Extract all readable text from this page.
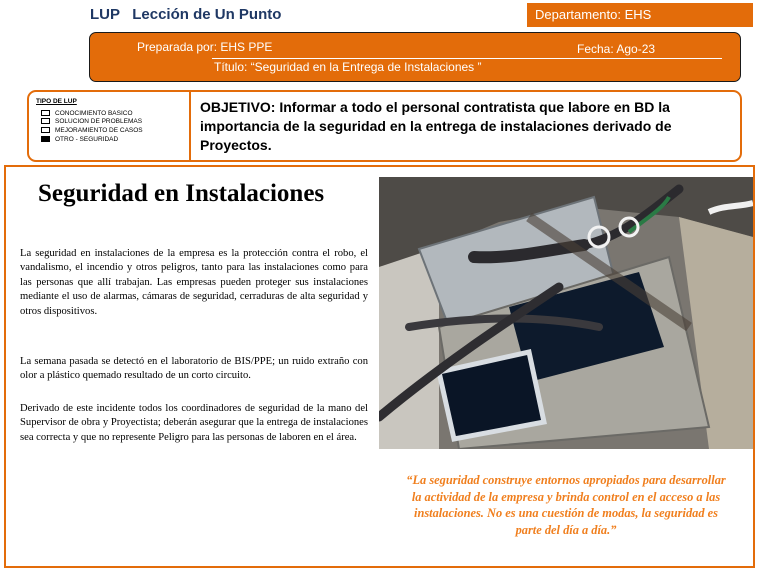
LUP   Lección de Un Punto	Departamento: EHS
Preparada por: EHS PPE	Fecha: Ago-23
Título: “Seguridad en la Entrega de Instalaciones ”
TIPO DE LUP
CONOCIMIENTO BASICO
SOLUCION DE PROBLEMAS
MEJORAMIENTO DE CASOS
OTRO - SEGURIDAD
OBJETIVO: Informar a todo el personal contratista que labore en BD la importancia de la seguridad en la entrega de instalaciones derivado de Proyectos.
Seguridad en Instalaciones

La seguridad en instalaciones de la empresa es la protección contra el robo, el vandalismo, el incendio y otros peligros, tanto para las instalaciones como para las personas que allí trabajan. Las empresas pueden proteger sus instalaciones mediante el uso de alarmas, cámaras de seguridad, cerraduras de alta seguridad y otros dispositivos.

La semana pasada se detectó en el laboratorio de BIS/PPE; un ruido extraño con olor a plástico quemado resultado de un corto circuito.

Derivado de este incidente todos los coordinadores de seguridad de la mano del Supervisor de obra y Proyectista; deberán asegurar que la entrega de instalaciones sea correcta y que no represente Peligro para las personas de laboren en el área.

“La seguridad construye entornos apropiados para desarrollar la actividad de la empresa y brinda control en el acceso a las instalaciones. No es una cuestión de modas, la seguridad es parte del día a día.”
